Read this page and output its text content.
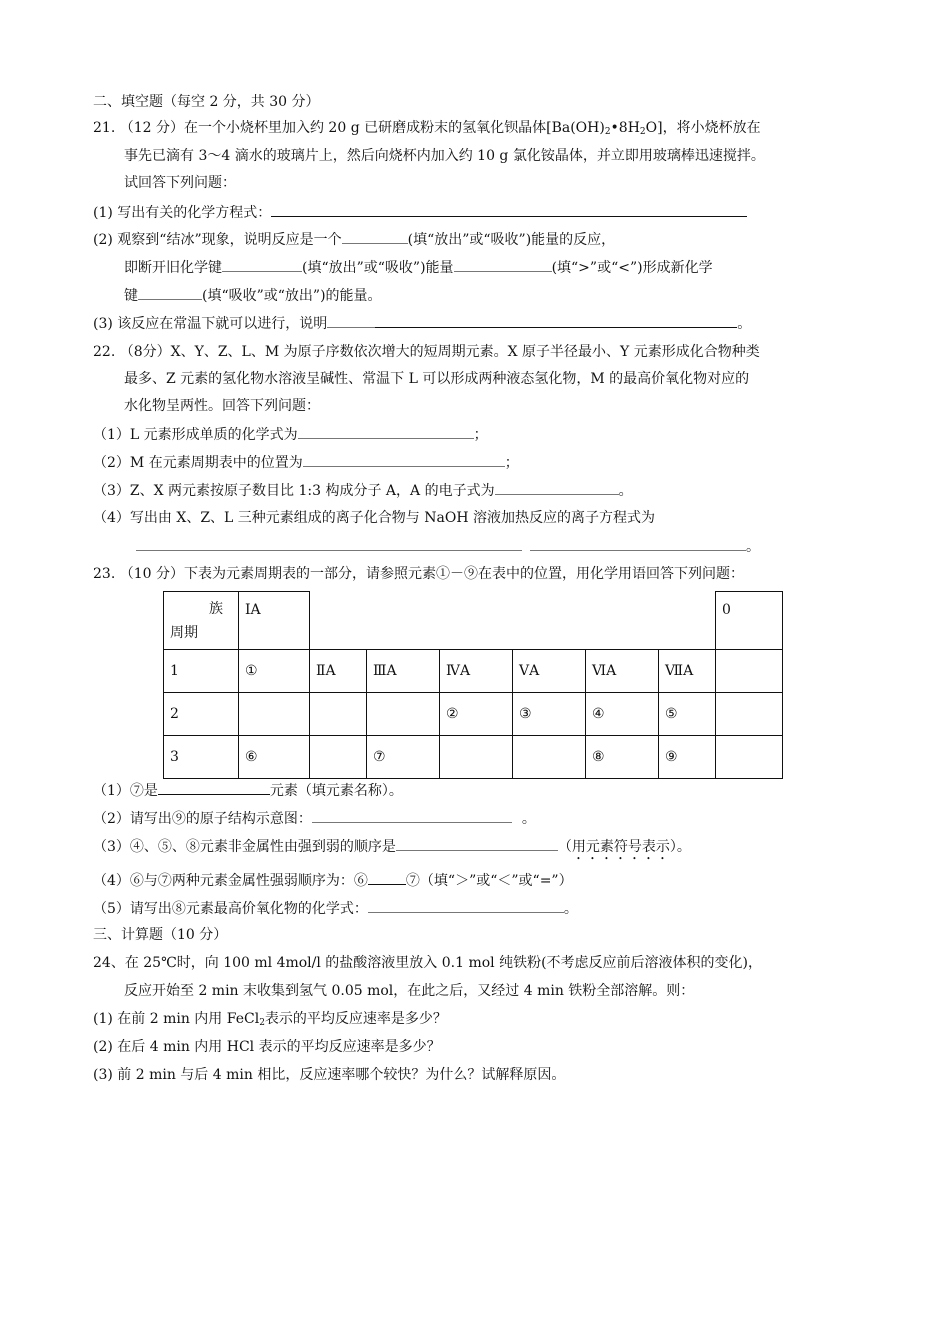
二、填空题（每空 2 分，共 30 分）
21. （12 分）在一个小烧杯里加入约 20 g 已研磨成粉末的氢氧化钡晶体$[Ba(OH)_2•8H_2O]$，将小烧杯放在
事先已滴有 3～4 滴水的玻璃片上，然后向烧杯内加入约 10 g 氯化铵晶体，并立即用玻璃棒迅速搅拌。
试回答下列问题：
(1) 写出有关的化学方程式：
(2) 观察到“结冰”现象，说明反应是一个	(填“放出”或“吸收”)能量的反应，
即断开旧化学键	(填“放出”或“吸收”)能量	(填“>”或“<”)形成新化学
键	(填“吸收”或“放出”)的能量。
(3) 该反应在常温下就可以进行，说明	。
22. （8分）X、Y、Z、L、M 为原子序数依次增大的短周期元素。X 原子半径最小、Y 元素形成化合物种类
最多、Z 元素的氢化物水溶液呈碱性、常温下 L 可以形成两种液态氢化物，M 的最高价氧化物对应的
水化物呈两性。回答下列问题：
（1）L 元素形成单质的化学式为	；
（2）M 在元素周期表中的位置为	；
（3）Z、X 两元素按原子数目比 1:3 构成分子 A，A 的电子式为	。
（4）写出由 X、Z、L 三种元素组成的离子化合物与 NaOH 溶液加热反应的离子方程式为
。
23. （10 分）下表为元素周期表的一部分，请参照元素①－⑨在表中的位置，用化学用语回答下列问题：
族
周期	IA							0
1	①	ⅡA	ⅢA	ⅣA	ⅤA	ⅥA	ⅦA	
2				②	③	④	⑤	
3	⑥		⑦			⑧	⑨	
（1）⑦是	元素（填元素名称）。
（2）请写出⑨的原子结构示意图：	。
（3）④、⑤、⑧元素非金属性由强到弱的顺序是	（用元素符号表示）。
（4）⑥与⑦两种元素金属性强弱顺序为：⑥	⑦（填“＞”或“＜”或“=”）
（5）请写出⑧元素最高价氧化物的化学式：	。
三、计算题（10 分）
24、在 25℃时，向 100 ml 4mol/l 的盐酸溶液里放入 0.1 mol 纯铁粉(不考虑反应前后溶液体积的变化)，
反应开始至 2 min 末收集到氢气 0.05 mol，在此之后，又经过 4 min 铁粉全部溶解。则：
(1) 在前 2 min 内用 FeCl$_2$表示的平均反应速率是多少？
(2) 在后 4 min 内用 HCl 表示的平均反应速率是多少？
(3) 前 2 min 与后 4 min 相比，反应速率哪个较快？为什么？试解释原因。
